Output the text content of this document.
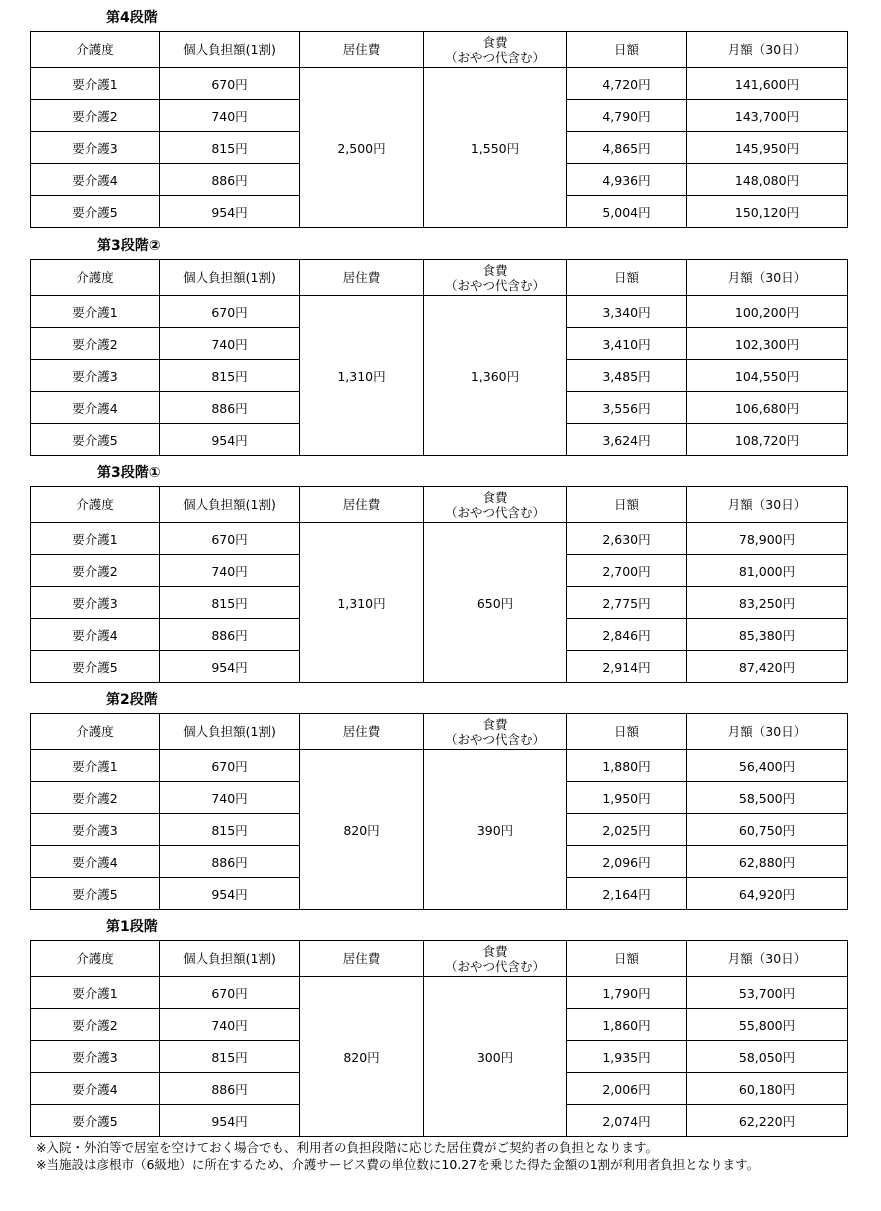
第4段階
介護度	個人負担額(1割)	居住費	食費
（おやつ代含む）	日額	月額（30日）
要介護1	670円	2,500円	1,550円	4,720円	141,600円
要介護2	740円			4,790円	143,700円
要介護3	815円			4,865円	145,950円
要介護4	886円			4,936円	148,080円
要介護5	954円			5,004円	150,120円
第3段階②
介護度	個人負担額(1割)	居住費	食費
（おやつ代含む）	日額	月額（30日）
要介護1	670円	1,310円	1,360円	3,340円	100,200円
要介護2	740円			3,410円	102,300円
要介護3	815円			3,485円	104,550円
要介護4	886円			3,556円	106,680円
要介護5	954円			3,624円	108,720円
第3段階①
介護度	個人負担額(1割)	居住費	食費
（おやつ代含む）	日額	月額（30日）
要介護1	670円	1,310円	650円	2,630円	78,900円
要介護2	740円			2,700円	81,000円
要介護3	815円			2,775円	83,250円
要介護4	886円			2,846円	85,380円
要介護5	954円			2,914円	87,420円
第2段階
介護度	個人負担額(1割)	居住費	食費
（おやつ代含む）	日額	月額（30日）
要介護1	670円	820円	390円	1,880円	56,400円
要介護2	740円			1,950円	58,500円
要介護3	815円			2,025円	60,750円
要介護4	886円			2,096円	62,880円
要介護5	954円			2,164円	64,920円
第1段階
介護度	個人負担額(1割)	居住費	食費
（おやつ代含む）	日額	月額（30日）
要介護1	670円	820円	300円	1,790円	53,700円
要介護2	740円			1,860円	55,800円
要介護3	815円			1,935円	58,050円
要介護4	886円			2,006円	60,180円
要介護5	954円			2,074円	62,220円

※入院・外泊等で居室を空けておく場合でも、利用者の負担段階に応じた居住費がご契約者の負担となります。

※当施設は彦根市（6級地）に所在するため、介護サービス費の単位数に10.27を乗じた得た金額の1割が利用者負担となります。
